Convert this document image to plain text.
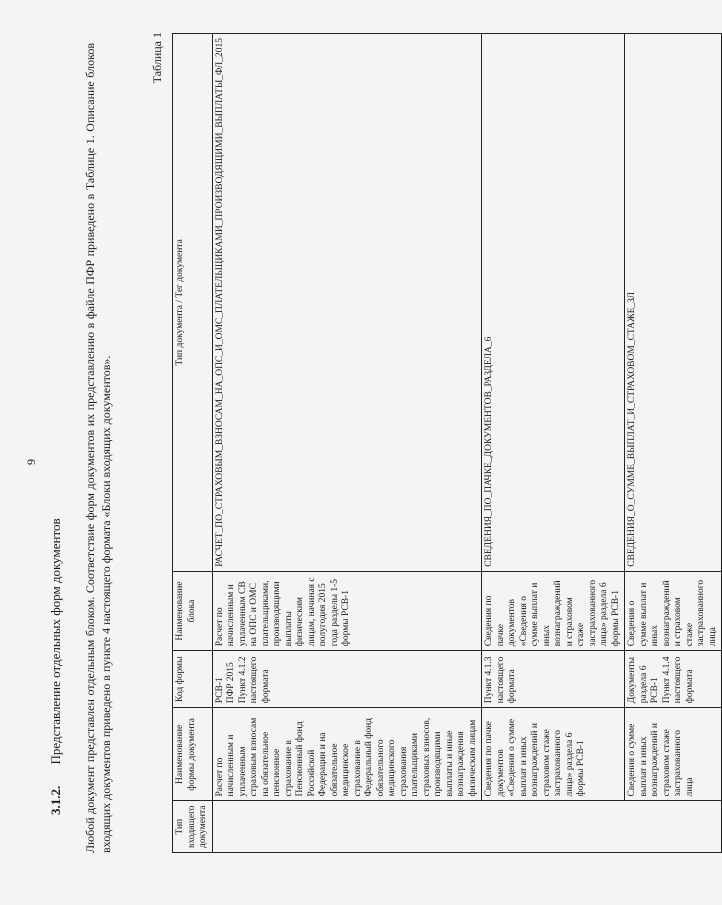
9
3.1.2. Представление отдельных форм документов Любой документ представлен отдельным блоком. Соответствие форм документов их представлению в файле ПФР приведено в Таблице 1. Описание блоков входящих документов приведено в пункте 4 настоящего формата «Блоки входящих документов».
Таблица 1
Тип входящего документа	Наименование формы документа	Код формы	Наименование блока	Тип документа / Тег документа
	Расчет по начисленным и уплаченным страховым взносам на обязательное пенсионное страхование в Пенсионный фонд Российской Федерации и на обязательное медицинское страхование в Федеральный фонд обязательного медицинского страхования плательщиками страховых взносов, производящими выплаты и иные вознаграждения физическим лицам	РСВ-1 ПФР 2015 Пункт 4.1.2 настоящего формата	Расчет по начисленным и уплаченным СВ на ОПС и ОМС плательщиками, производящими выплаты физическим лицам, начиная с полугодия 2015 года разделы 1-5 формы РСВ-1	РАСЧЕТ_ПО_СТРАХОВЫМ_ВЗНОСАМ_НА_ОПС_И_ОМС_ПЛАТЕЛЬЩИКАМИ_ПРОИЗВОДЯЩИМИ_ВЫПЛАТЫ_ФЛ_2015
	Сведения по пачке документов «Сведения о сумме выплат и иных вознаграждений и страховом стаже застрахованного лица» раздела 6 формы РСВ-1	Пункт 4.1.3 настоящего формата	Сведения по пачке документов «Сведения о сумме выплат и иных вознаграждений и страховом стаже застрахованного лица» раздела 6 формы РСВ-1	СВЕДЕНИЯ_ПО_ПАЧКЕ_ДОКУМЕНТОВ_РАЗДЕЛА_6
	Сведения о сумме выплат и иных вознаграждений и страховом стаже застрахованного лица	Документы раздела 6 РСВ-1 Пункт 4.1.4 настоящего формата	Сведения о сумме выплат и иных вознаграждений и страховом стаже застрахованного лица	СВЕДЕНИЯ_О_СУММЕ_ВЫПЛАТ_И_СТРАХОВОМ_СТАЖЕ_ЗЛ
